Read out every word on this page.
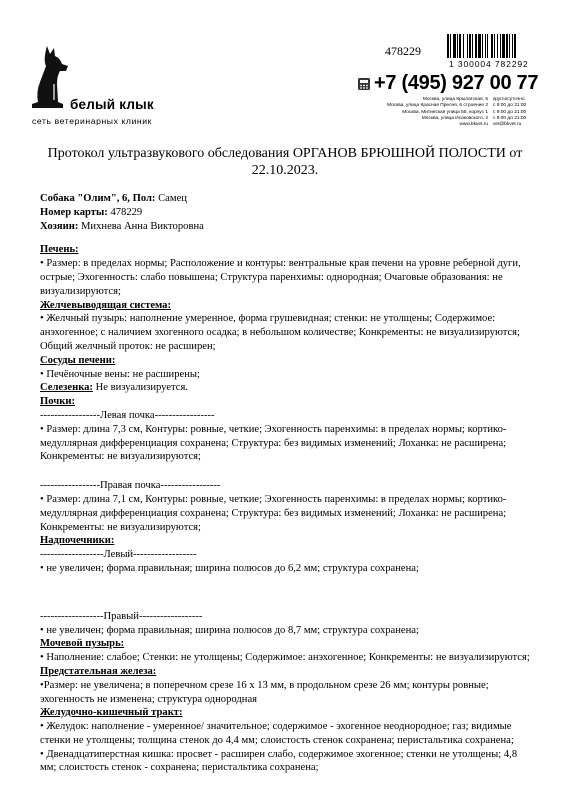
белый клык
сеть ветеринарных клиник
478229
1 300004 782292
+7 (495) 927 00 77
Москва, улица Крылатская, 5	круглосуточно
Москва, улица Красная Пресня, 6 строение 2	с 9:00 до 21:00
Москва, Митинская улица 55, корпус 1	с 9:00 до 21:00
Москва, улица Исаковского, 2	с 9:00 до 21:00
www.bkvet.ru	vet@bkvet.ru
Протокол ультразвукового обследования ОРГАНОВ БРЮШНОЙ ПОЛОСТИ от 22.10.2023.

Собака "Олим", 6, Пол: Самец

Номер карты: 478229

Хозяин: Михнева Анна Викторовна

Печень:

• Размер: в пределах нормы; Расположение и контуры: вентральные края печени на уровне реберной дуги, острые; Эхогенность: слабо повышена; Структура паренхимы: однородная; Очаговые образования: не визуализируются;

Желчевыводящая система:

• Желчный пузырь: наполнение умеренное, форма грушевидная; стенки: не утолщены; Содержимое: анэхогенное; с наличием эхогенного осадка; в небольшом количестве; Конкременты: не визуализируются; Общий желчный проток: не расширен;

Сосуды печени:

• Печёночные вены: не расширены;

Селезенка: Не визуализируется.

Почки:

-----------------Левая почка-----------------

• Размер: длина 7,3 см, Контуры: ровные, четкие; Эхогенность паренхимы: в пределах нормы; кортико-медуллярная дифференциация сохранена; Структура: без видимых изменений; Лоханка: не расширена; Конкременты: не визуализируются;

-----------------Правая почка-----------------

• Размер: длина 7,1 см, Контуры: ровные, четкие; Эхогенность паренхимы: в пределах нормы; кортико-медуллярная дифференциация сохранена; Структура: без видимых изменений; Лоханка: не расширена; Конкременты: не визуализируются;

Надпочечники:

------------------Левый------------------

• не увеличен; форма правильная; ширина полюсов до 6,2 мм; структура сохранена;

------------------Правый------------------

• не увеличен; форма правильная; ширина полюсов до 8,7 мм; структура сохранена;

Мочевой пузырь:

• Наполнение: слабое; Стенки: не утолщены; Содержимое: анэхогенное; Конкременты: не визуализируются;

Предстательная железа:

•Размер: не увеличена; в поперечном срезе 16 х 13 мм, в продольном срезе 26 мм; контуры ровные; эхогенность не изменена; структура однородная

Желудочно-кишечный тракт:

• Желудок: наполнение - умеренное/ значительное; содержимое - эхогенное неоднородное; газ; видимые стенки не утолщены; толщина стенок до 4,4 мм; слоистость стенок сохранена; перистальтика сохранена;

• Двенадцатиперстная кишка: просвет - расширен слабо, содержимое эхогенное; стенки не утолщены; 4,8 мм; слоистость стенок - сохранена; перистальтика сохранена;
